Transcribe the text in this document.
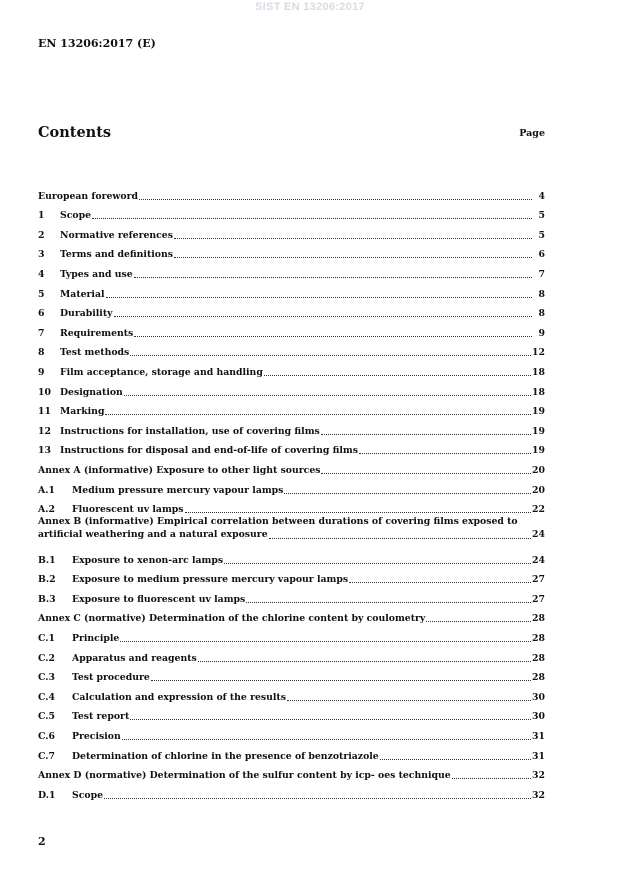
SIST EN 13206:2017
EN 13206:2017 (E)
Contents	Page
European foreword	4
1	Scope	5
2	Normative references	5
3	Terms and definitions	6
4	Types and use	7
5	Material	8
6	Durability	8
7	Requirements	9
8	Test methods	12
9	Film acceptance, storage and handling	18
10 Designation	18
11 Marking	19
12 Instructions for installation, use of covering films	19
13 Instructions for disposal and end-of-life of covering films	19
Annex A (informative) Exposure to other light sources	20
A.1	Medium pressure mercury vapour lamps	20
A.2	Fluorescent uv lamps	22
Annex B (informative) Empirical correlation between durations of covering films exposed to
artificial weathering and a natural exposure	24
B.1	Exposure to xenon-arc lamps	24
B.2	Exposure to medium pressure mercury vapour lamps	27
B.3	Exposure to fluorescent uv lamps	27
Annex C (normative) Determination of the chlorine content by coulometry	28
C.1	Principle	28
C.2	Apparatus and reagents	28
C.3	Test procedure	28
C.4	Calculation and expression of the results	30
C.5	Test report	30
C.6	Precision	31
C.7	Determination of chlorine in the presence of benzotriazole	31
Annex D (normative) Determination of the sulfur content by icp- oes technique	32
D.1	Scope	32
2
